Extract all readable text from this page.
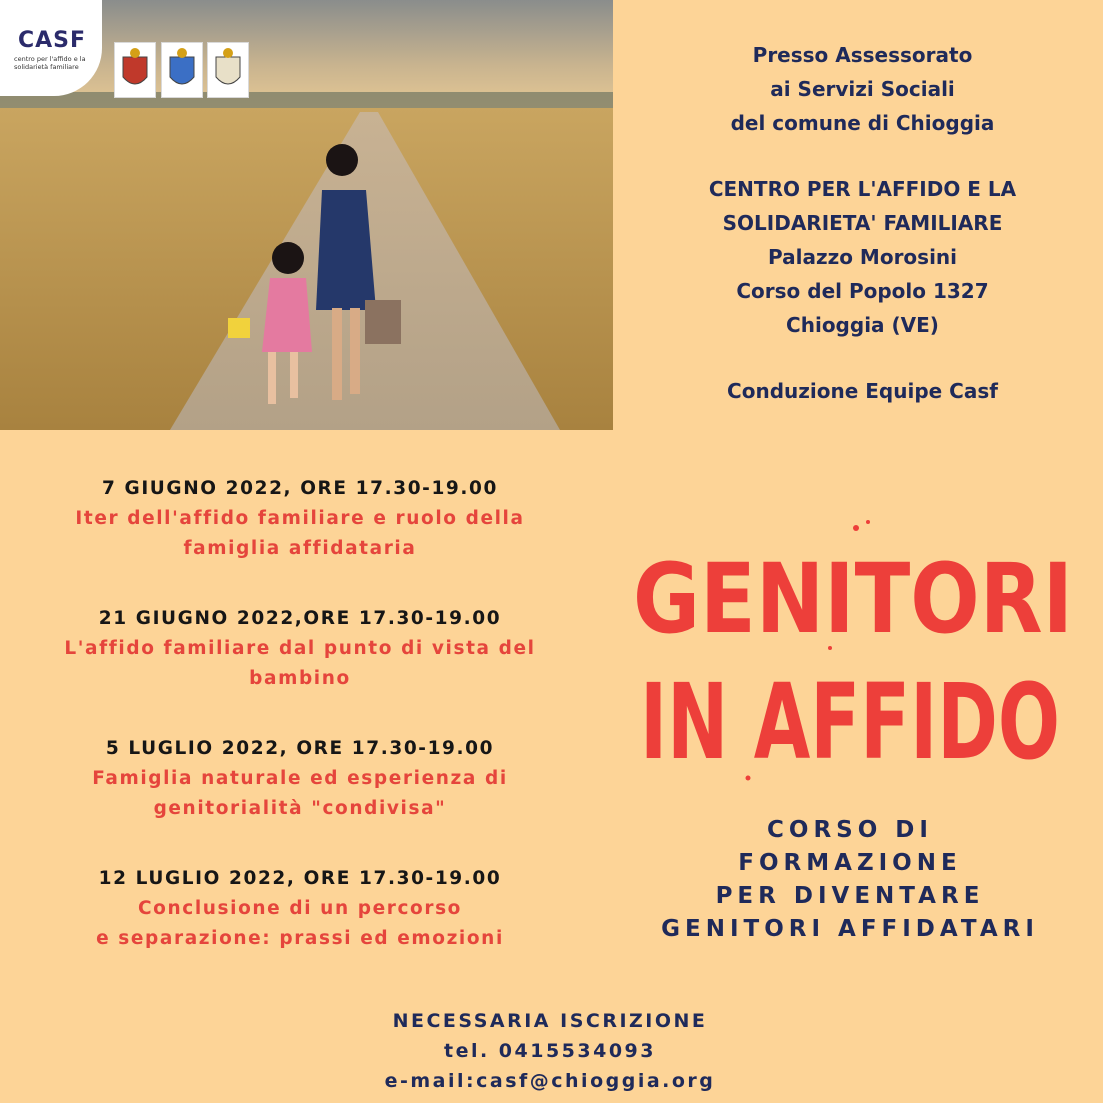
CASF
centro per l'affido e la solidarietà familiare	Presso Assessorato
ai Servizi Sociali
del comune di Chioggia
CENTRO PER L'AFFIDO E LA
SOLIDARIETA' FAMILIARE
Palazzo Morosini
Corso del Popolo 1327
Chioggia (VE)
Conduzione Equipe Casf
7 GIUGNO 2022, ORE 17.30-19.00
Iter dell'affido familiare e ruolo della
famiglia affidataria
21 GIUGNO 2022,ORE 17.30-19.00
L'affido familiare dal punto di vista del
bambino
5 LUGLIO 2022, ORE 17.30-19.00
Famiglia naturale ed esperienza di
genitorialità "condivisa"
12 LUGLIO 2022, ORE 17.30-19.00
Conclusione di un percorso
e separazione: prassi ed emozioni
GENITORI
IN AFFIDO
CORSO DI
FORMAZIONE
PER DIVENTARE
GENITORI AFFIDATARI
NECESSARIA ISCRIZIONE
tel. 0415534093
e-mail:casf@chioggia.org
